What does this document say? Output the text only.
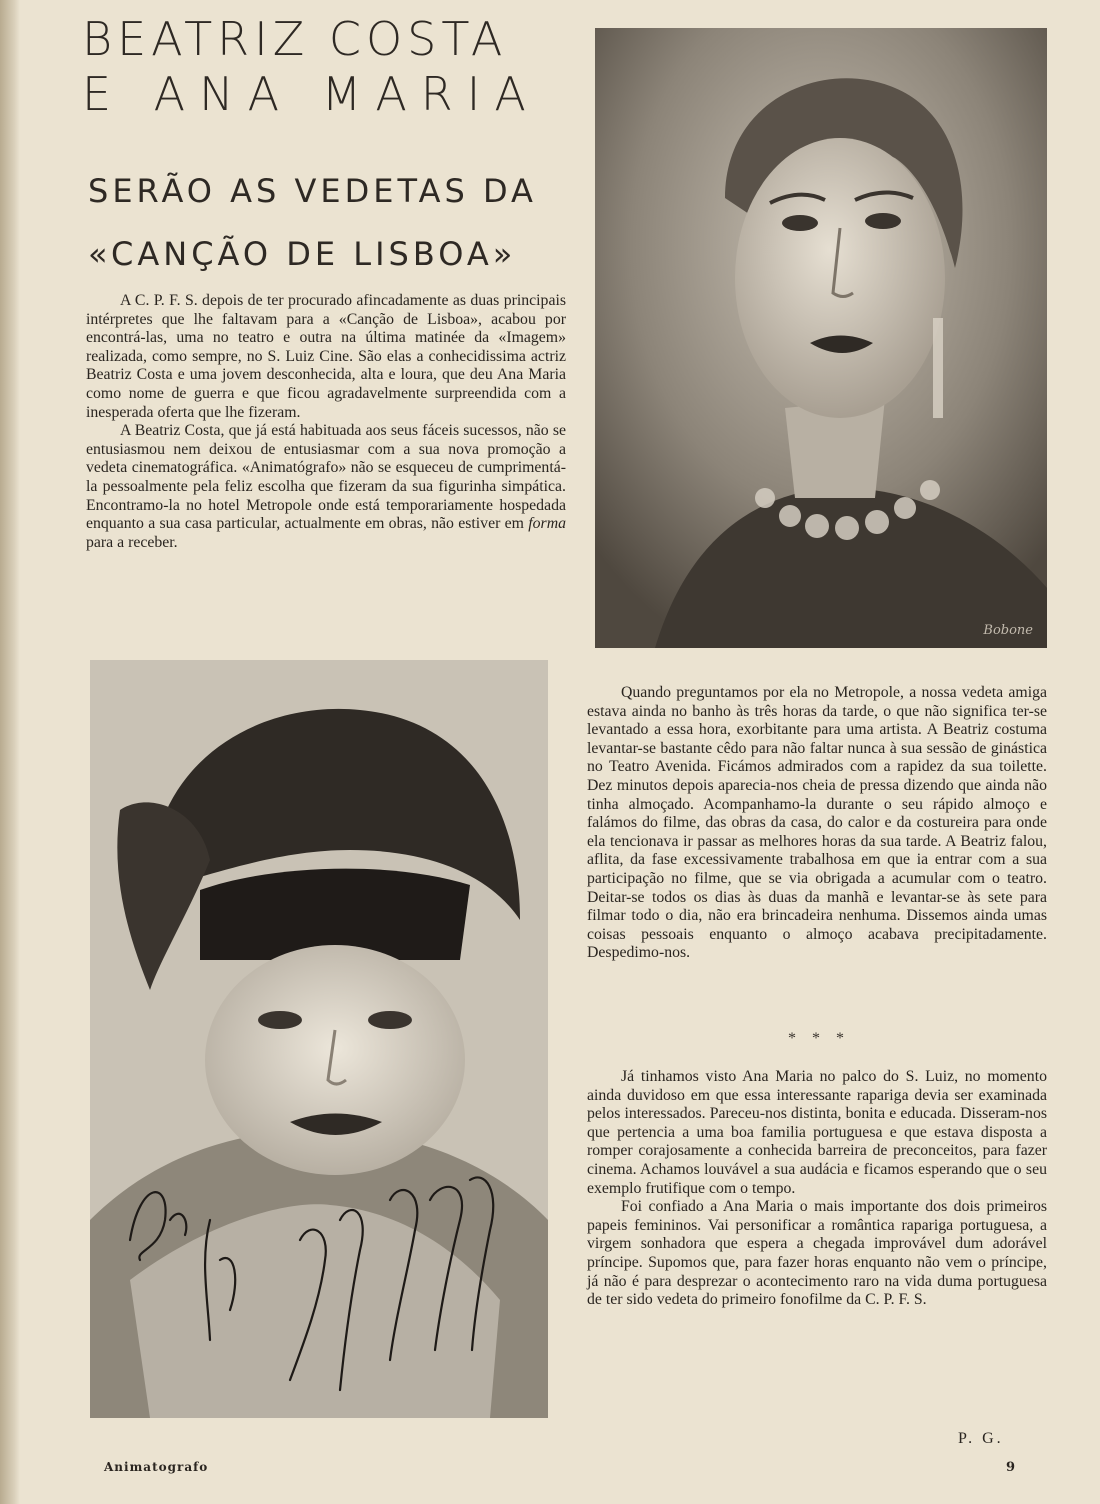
BEATRIZ COSTA
E ANA MARIA
SERÃO AS VEDETAS DA
«CANÇÃO DE LISBOA»

A C. P. F. S. depois de ter procurado afincadamente as duas principais intérpretes que lhe faltavam para a «Canção de Lisboa», acabou por encontrá-las, uma no teatro e outra na última matinée da «Imagem» realizada, como sempre, no S. Luiz Cine. São elas a conhecidissima actriz Beatriz Costa e uma jovem desconhecida, alta e loura, que deu Ana Maria como nome de guerra e que ficou agradavelmente surpreendida com a inesperada oferta que lhe fizeram.

A Beatriz Costa, que já está habituada aos seus fáceis sucessos, não se entusiasmou nem deixou de entusiasmar com a sua nova promoção a vedeta cinematográfica. «Animatógrafo» não se esqueceu de cumprimentá-la pessoalmente pela feliz escolha que fizeram da sua figurinha simpática. Encontramo-la no hotel Metropole onde está temporariamente hospedada enquanto a sua casa particular, actualmente em obras, não estiver em forma para a receber.

Bobone

Quando preguntamos por ela no Metropole, a nossa vedeta amiga estava ainda no banho às três horas da tarde, o que não significa ter-se levantado a essa hora, exorbitante para uma artista. A Beatriz costuma levantar-se bastante cêdo para não faltar nunca à sua sessão de ginástica no Teatro Avenida. Ficámos admirados com a rapidez da sua toilette. Dez minutos depois aparecia-nos cheia de pressa dizendo que ainda não tinha almoçado. Acompanhamo-la durante o seu rápido almoço e falámos do filme, das obras da casa, do calor e da costureira para onde ela tencionava ir passar as melhores horas da sua tarde. A Beatriz falou, aflita, da fase excessivamente trabalhosa em que ia entrar com a sua participação no filme, que se via obrigada a acumular com o teatro. Deitar-se todos os dias às duas da manhã e levantar-se às sete para filmar todo o dia, não era brincadeira nenhuma. Dissemos ainda umas coisas pessoais enquanto o almoço acabava precipitadamente. Despedimo-nos.

* * *

Já tinhamos visto Ana Maria no palco do S. Luiz, no momento ainda duvidoso em que essa interessante rapariga devia ser examinada pelos interessados. Pareceu-nos distinta, bonita e educada. Disseram-nos que pertencia a uma boa familia portuguesa e que estava disposta a romper corajosamente a conhecida barreira de preconceitos, para fazer cinema. Achamos louvável a sua audácia e ficamos esperando que o seu exemplo frutifique com o tempo.

Foi confiado a Ana Maria o mais importante dos dois primeiros papeis femininos. Vai personificar a romântica rapariga portuguesa, a virgem sonhadora que espera a chegada improvável dum adorável príncipe. Supomos que, para fazer horas enquanto não vem o príncipe, já não é para desprezar o acontecimento raro na vida duma portuguesa de ter sido vedeta do primeiro fonofilme da C. P. F. S.

P. G.
Animatografo	9
